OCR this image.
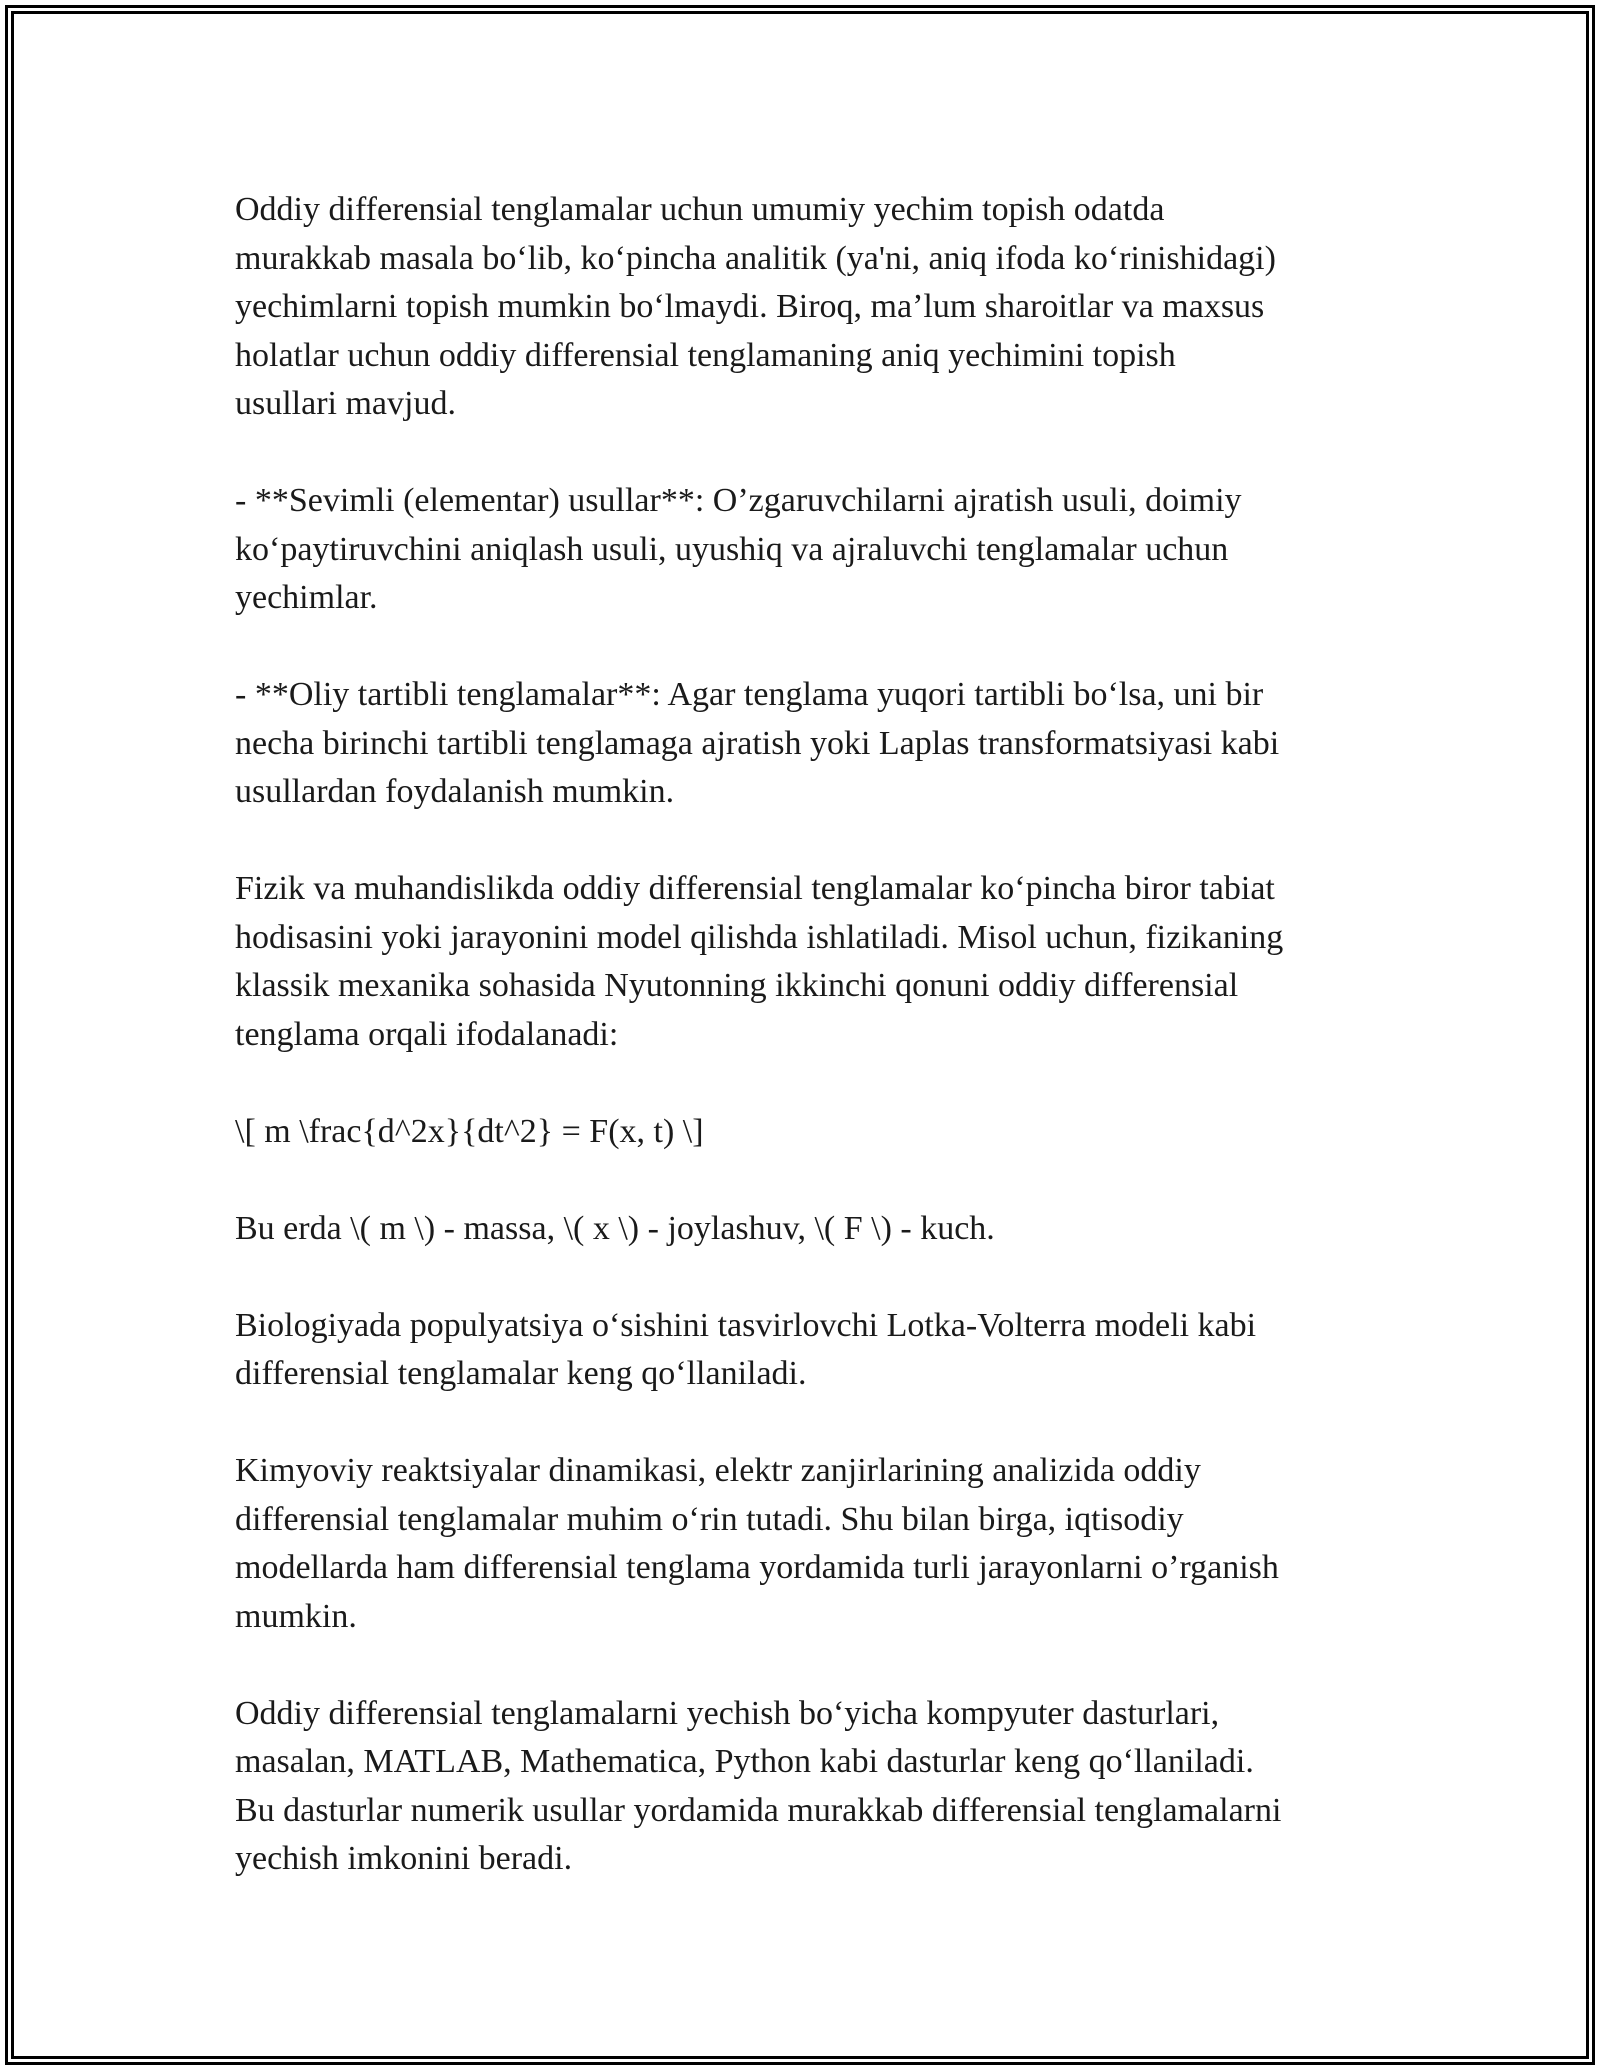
Oddiy differensial tenglamalar uchun umumiy yechim topish odatda
murakkab masala bo‘lib, ko‘pincha analitik (ya'ni, aniq ifoda ko‘rinishidagi)
yechimlarni topish mumkin bo‘lmaydi. Biroq, ma’lum sharoitlar va maxsus
holatlar uchun oddiy differensial tenglamaning aniq yechimini topish
usullari mavjud.

- **Sevimli (elementar) usullar**: O’zgaruvchilarni ajratish usuli, doimiy
ko‘paytiruvchini aniqlash usuli, uyushiq va ajraluvchi tenglamalar uchun
yechimlar.

- **Oliy tartibli tenglamalar**: Agar tenglama yuqori tartibli bo‘lsa, uni bir
necha birinchi tartibli tenglamaga ajratish yoki Laplas transformatsiyasi kabi
usullardan foydalanish mumkin.

Fizik va muhandislikda oddiy differensial tenglamalar ko‘pincha biror tabiat
hodisasini yoki jarayonini model qilishda ishlatiladi. Misol uchun, fizikaning
klassik mexanika sohasida Nyutonning ikkinchi qonuni oddiy differensial
tenglama orqali ifodalanadi:

\[ m \frac{d^2x}{dt^2} = F(x, t) \]

Bu erda \( m \) - massa, \( x \) - joylashuv, \( F \) - kuch.

Biologiyada populyatsiya o‘sishini tasvirlovchi Lotka-Volterra modeli kabi
differensial tenglamalar keng qo‘llaniladi.

Kimyoviy reaktsiyalar dinamikasi, elektr zanjirlarining analizida oddiy
differensial tenglamalar muhim o‘rin tutadi. Shu bilan birga, iqtisodiy
modellarda ham differensial tenglama yordamida turli jarayonlarni o’rganish
mumkin.

Oddiy differensial tenglamalarni yechish bo‘yicha kompyuter dasturlari,
masalan, MATLAB, Mathematica, Python kabi dasturlar keng qo‘llaniladi.
Bu dasturlar numerik usullar yordamida murakkab differensial tenglamalarni
yechish imkonini beradi.
